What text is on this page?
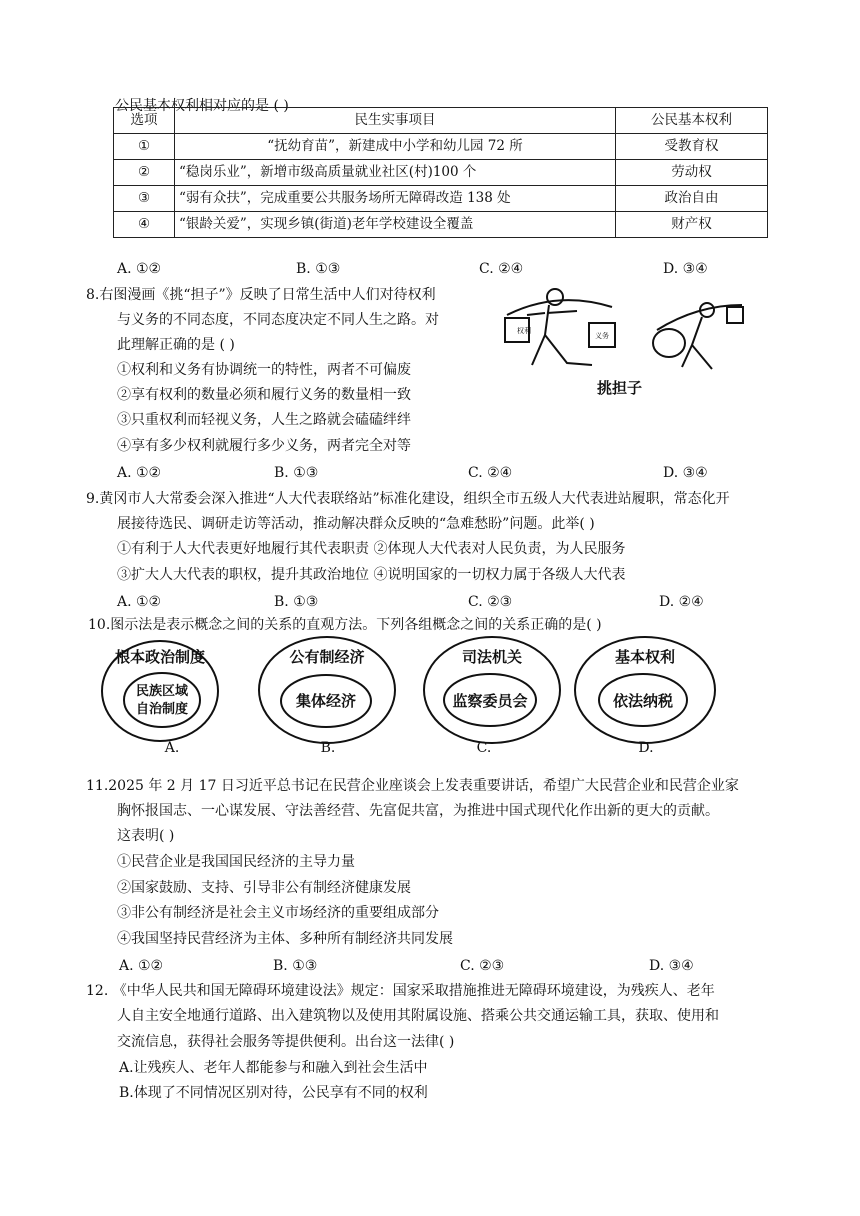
公民基本权利相对应的是 ( )
选项	民生实事项目	公民基本权利
①	“抚幼育苗”，新建成中小学和幼儿园 72 所	受教育权
②	“稳岗乐业”，新增市级高质量就业社区(村)100 个	劳动权
③	“弱有众扶”，完成重要公共服务场所无障碍改造 138 处	政治自由
④	“银龄关爱”，实现乡镇(街道)老年学校建设全覆盖	财产权
A. ①②	B. ①③	C. ②④	D. ③④
8.右图漫画《挑“担子”》反映了日常生活中人们对待权利
与义务的不同态度，不同态度决定不同人生之路。对
此理解正确的是 ( )
①权利和义务有协调统一的特性，两者不可偏废
②享有权利的数量必须和履行义务的数量相一致
③只重权利而轻视义务，人生之路就会磕磕绊绊
④享有多少权利就履行多少义务，两者完全对等
A. ①②	B. ①③	C. ②④	D. ③④
权利
义务
挑担子
9.黄冈市人大常委会深入推进“人大代表联络站”标准化建设，组织全市五级人大代表进站履职，常态化开
展接待选民、调研走访等活动，推动解决群众反映的“急难愁盼”问题。此举( )
①有利于人大代表更好地履行其代表职责 ②体现人大代表对人民负责，为人民服务
③扩大人大代表的职权，提升其政治地位 ④说明国家的一切权力属于各级人大代表
A. ①②	B. ①③	C. ②③	D. ②④
10.图示法是表示概念之间的关系的直观方法。下列各组概念之间的关系正确的是( )
根本政治制度
民族区域
自治制度
公有制经济
集体经济
司法机关
监察委员会
基本权利
依法纳税
A.	B.	C.	D.
11.2025 年 2 月 17 日习近平总书记在民营企业座谈会上发表重要讲话，希望广大民营企业和民营企业家
胸怀报国志、一心谋发展、守法善经营、先富促共富，为推进中国式现代化作出新的更大的贡献。
这表明( )
①民营企业是我国国民经济的主导力量
②国家鼓励、支持、引导非公有制经济健康发展
③非公有制经济是社会主义市场经济的重要组成部分
④我国坚持民营经济为主体、多种所有制经济共同发展
A. ①②	B. ①③	C. ②③	D. ③④
12. 《中华人民共和国无障碍环境建设法》规定：国家采取措施推进无障碍环境建设，为残疾人、老年
人自主安全地通行道路、出入建筑物以及使用其附属设施、搭乘公共交通运输工具，获取、使用和
交流信息，获得社会服务等提供便利。出台这一法律( )
A.让残疾人、老年人都能参与和融入到社会生活中
B.体现了不同情况区别对待，公民享有不同的权利
